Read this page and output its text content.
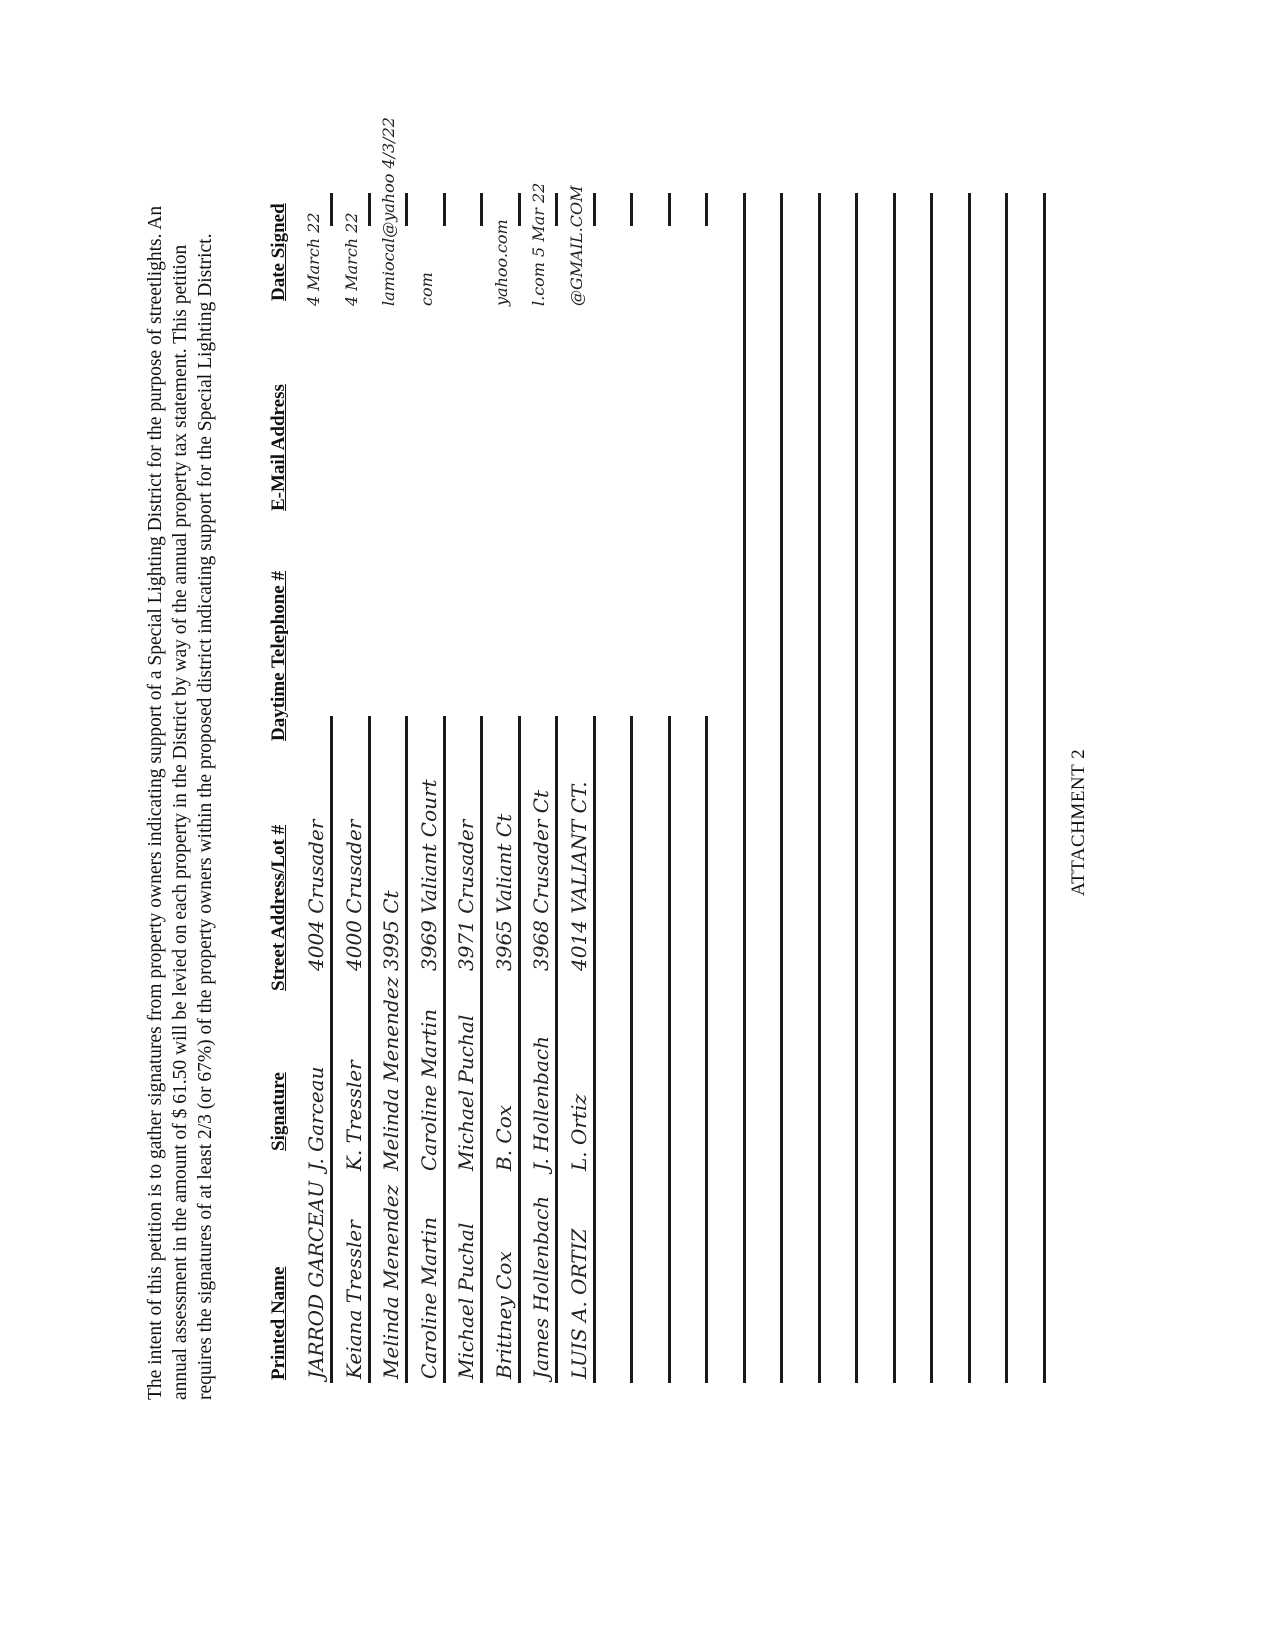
The intent of this petition is to gather signatures from property owners indicating support of a Special Lighting District for the purpose of streetlights. An annual assessment in the amount of $ 61.50 will be levied on each property in the District by way of the annual property tax statement. This petition requires the signatures of at least 2/3 (or 67%) of the property owners within the proposed district indicating support for the Special Lighting District.	Printed Name
Signature
Street Address/Lot #
Daytime Telephone #
E-Mail Address
Date Signed
JARROD GARCEAU
J. Garceau
4004 Crusader
4 March 22
Keiana Tressler
K. Tressler
4000 Crusader
4 March 22
Melinda Menendez
Melinda Menendez
3995 Ct
lamiocal@yahoo 4/3/22
Caroline Martin
Caroline Martin
3969 Valiant Court
com
Michael Puchal
Michael Puchal
3971 Crusader
Brittney Cox
B. Cox
3965 Valiant Ct
yahoo.com
James Hollenbach
J. Hollenbach
3968 Crusader Ct
l.com 5 Mar 22
LUIS A. ORTIZ
L. Ortiz
4014 VALIANT CT.
@GMAIL.COM
ATTACHMENT 2
